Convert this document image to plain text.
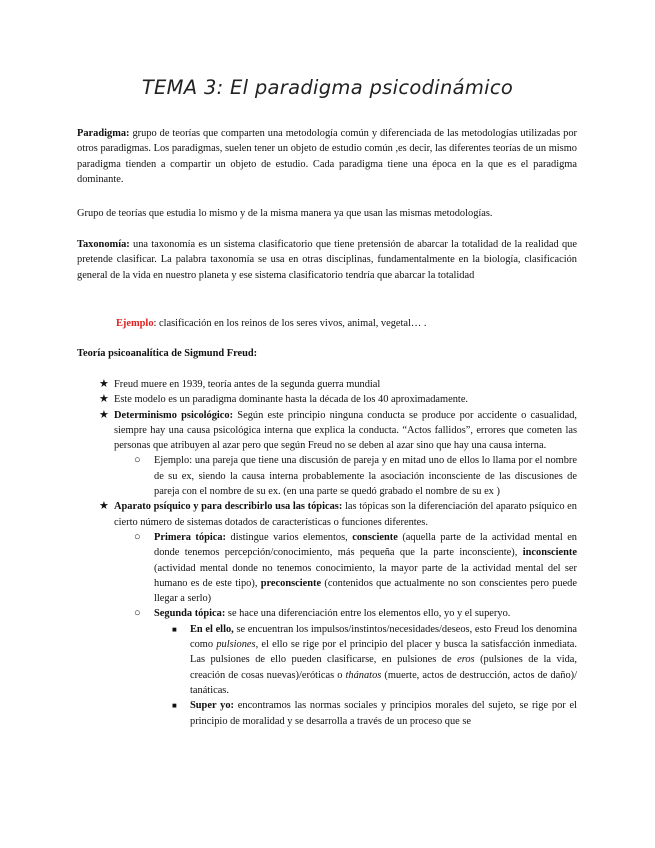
TEMA 3: El paradigma psicodinámico

Paradigma: grupo de teorías que comparten una metodología común y diferenciada de las metodologías utilizadas por otros paradigmas. Los paradigmas, suelen tener un objeto de estudio común ,es decir, las diferentes teorías de un mismo paradigma tienden a compartir un objeto de estudio. Cada paradigma tiene una época en la que es el paradigma dominante.

Grupo de teorías que estudia lo mismo y de la misma manera ya que usan las mismas metodologías.

Taxonomía: una taxonomía es un sistema clasificatorio que tiene pretensión de abarcar la totalidad de la realidad que pretende clasificar. La palabra taxonomía se usa en otras disciplinas, fundamentalmente en la biología, clasificación general de la vida en nuestro planeta y ese sistema clasificatorio tendría que abarcar la totalidad

Ejemplo: clasificación en los reinos de los seres vivos, animal, vegetal… .

Teoría psicoanalítica de Sigmund Freud:

★ Freud muere en 1939, teoría antes de la segunda guerra mundial
★ Este modelo es un paradigma dominante hasta la década de los 40 aproximadamente.
★ Determinismo psicológico: Según este principio ninguna conducta se produce por accidente o casualidad, siempre hay una causa psicológica interna que explica la conducta. “Actos fallidos”, errores que cometen las personas que atribuyen al azar pero que según Freud no se deben al azar sino que hay una causa interna.
○	Ejemplo: una pareja que tiene una discusión de pareja y en mitad uno de ellos lo llama por el nombre de su ex, siendo la causa interna probablemente la asociación inconsciente de las discusiones de pareja con el nombre de su ex. (en una parte se quedó grabado el nombre de su ex )
★ Aparato psíquico y para describirlo usa las tópicas: las tópicas son la diferenciación del aparato psíquico en cierto número de sistemas dotados de características o funciones diferentes.
○	Primera tópica: distingue varios elementos, consciente (aquella parte de la actividad mental en donde tenemos percepción/conocimiento, más pequeña que la parte inconsciente), inconsciente (actividad mental donde no tenemos conocimiento, la mayor parte de la actividad mental del ser humano es de este tipo), preconsciente (contenidos que actualmente no son conscientes pero puede llegar a serlo)
○	Segunda tópica: se hace una diferenciación entre los elementos ello, yo y el superyo.
■	En el ello, se encuentran los impulsos/instintos/necesidades/deseos, esto Freud los denomina como pulsiones, el ello se rige por el principio del placer y busca la satisfacción inmediata. Las pulsiones de ello pueden clasificarse, en pulsiones de eros (pulsiones de la vida, creación de cosas nuevas)/eróticas o thánatos (muerte, actos de destrucción, actos de daño)/ tanáticas.
■	Super yo: encontramos las normas sociales y principios morales del sujeto, se rige por el principio de moralidad y se desarrolla a través de un proceso que se
